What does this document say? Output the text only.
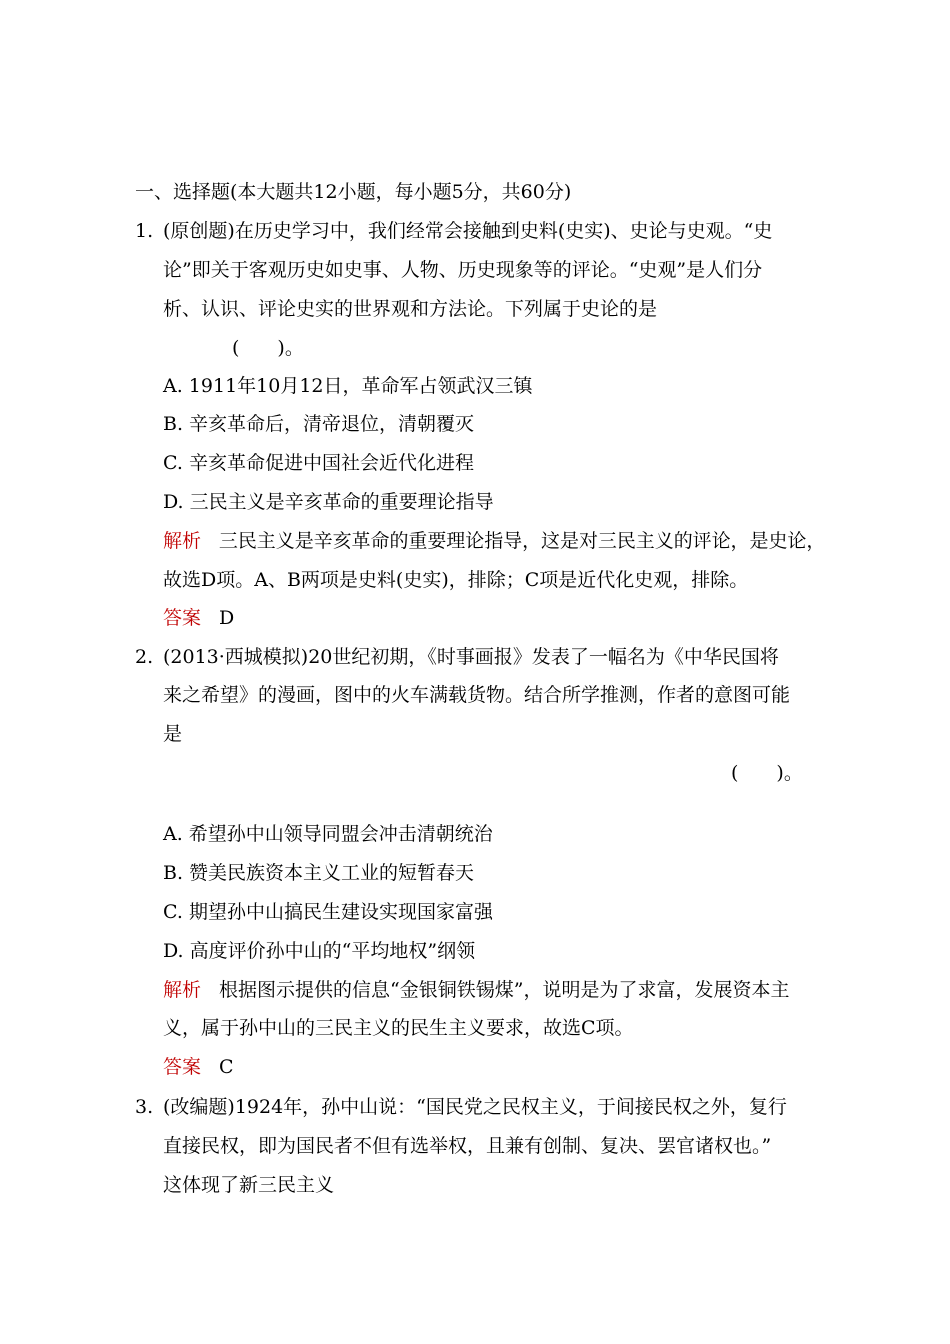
一、选择题(本大题共12小题，每小题5分，共60分)
1. (原创题)在历史学习中，我们经常会接触到史料(史实)、史论与史观。“史
论”即关于客观历史如史事、人物、历史现象等的评论。“史观”是人们分
析、认识、评论史实的世界观和方法论。下列属于史论的是
(　　)。
A. 1911年10月12日，革命军占领武汉三镇
B. 辛亥革命后，清帝退位，清朝覆灭
C. 辛亥革命促进中国社会近代化进程
D. 三民主义是辛亥革命的重要理论指导
解析 三民主义是辛亥革命的重要理论指导，这是对三民主义的评论，是史论，
故选D项。A、B两项是史料(史实)，排除；C项是近代化史观，排除。
答案 D
2. (2013·西城模拟)20世纪初期，《时事画报》发表了一幅名为《中华民国将
来之希望》的漫画，图中的火车满载货物。结合所学推测，作者的意图可能
是
(　　)。
A. 希望孙中山领导同盟会冲击清朝统治
B. 赞美民族资本主义工业的短暂春天
C. 期望孙中山搞民生建设实现国家富强
D. 高度评价孙中山的“平均地权”纲领
解析 根据图示提供的信息“金银铜铁锡煤”，说明是为了求富，发展资本主
义，属于孙中山的三民主义的民生主义要求，故选C项。
答案 C
3. (改编题)1924年，孙中山说：“国民党之民权主义，于间接民权之外，复行
直接民权，即为国民者不但有选举权，且兼有创制、复决、罢官诸权也。”
这体现了新三民主义
